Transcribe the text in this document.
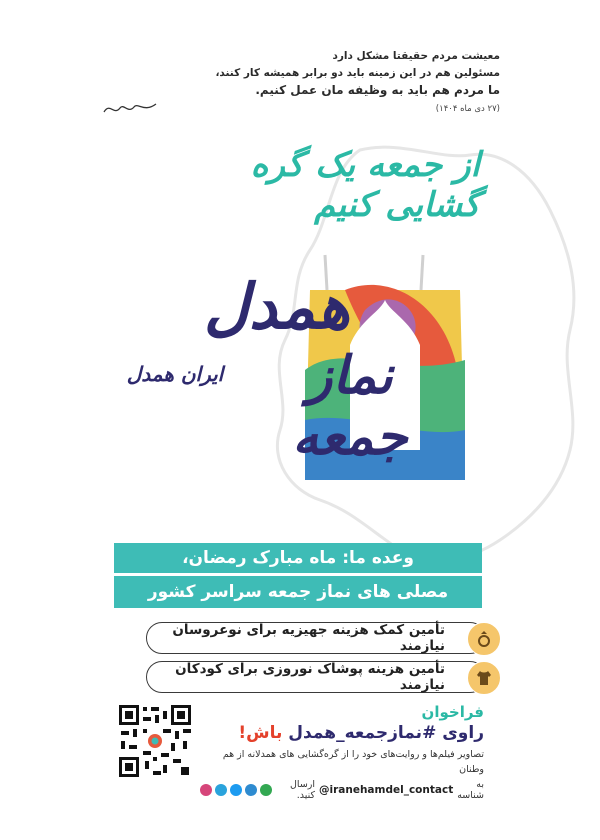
معیشت مردم حقیقتا مشکل دارد
مسئولین هم در این زمینه باید دو برابر همیشه کار کنند،
ما مردم هم باید به وظیفه مان عمل کنیم.
(۲۷ دی ماه ۱۴۰۴)
از جمعه یک گره گشایی کنیم
همدل
نماز جمعه
ایران همدل
وعده ما: ماه مبارک رمضان،
مصلی های نماز جمعه سراسر کشور
تأمین کمک هزینه جهیزیه برای نوعروسان نیازمند
تأمین هزینه پوشاک نوروزی برای کودکان نیازمند
فراخوان
راوی #نمازجمعه_همدل باش!
تصاویر فیلم‌ها و روایت‌های خود را از گره‌گشایی های همدلانه از هم وطنان
به شناسه
@iranehamdel_contact
ارسال کنید.
